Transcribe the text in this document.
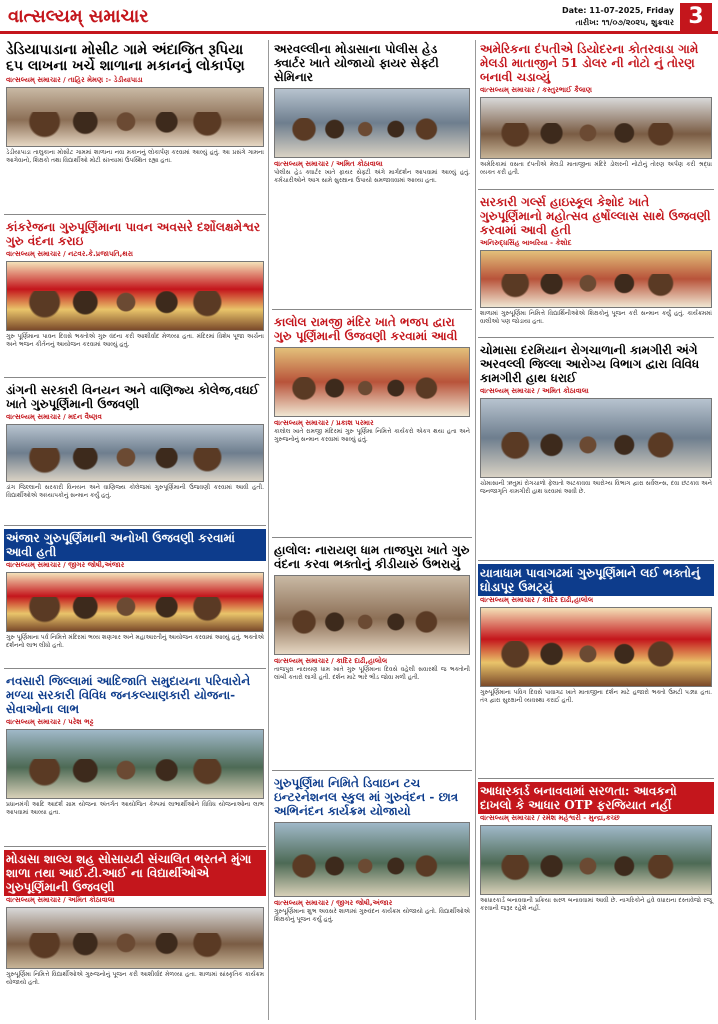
વાત્સલ્યમ્‌ સમાચાર	Date: 11-07-2025, Friday
તારીખ: ૧૧/૦૭/૨૦૨૫, શુક્રવાર 3
ડેડિયાપાડાના મોસીટ ગામે અંદાજિત રૂપિયા ૬૫ લાખના ખર્ચે શાળાના મકાનનું લોકાર્પણ
વાત્સલ્યમ્‌ સમાચાર / તાહિર મેમણ :- ડેડીયાપાડા
ડેડીયાપાડા તાલુકાના મોસીટ ગામમાં શાળાના નવા મકાનનું લોકાર્પણ કરવામાં આવ્યું હતું. આ પ્રસંગે ગામના આગેવાનો, શિક્ષકો તથા વિદ્યાર્થીઓ મોટી સંખ્યામાં ઉપસ્થિત રહ્યા હતા.
કાંકરેજના ગુરુપૂર્ણિમાના પાવન અવસરે દર્શોલક્ષમેશ્વર ગુરુ વંદના કરાઇ
વાત્સલ્યમ્‌ સમાચાર / નટવર.કે.પ્રજાપતિ,થરા
ગુરુ પૂર્ણિમાના પાવન દિવસે ભક્તોએ ગુરુ વંદના કરી આશીર્વાદ મેળવ્યા હતા. મંદિરમાં વિશેષ પૂજા અર્ચના અને ભજન કીર્તનનું આયોજન કરવામાં આવ્યું હતું.
ડાંગની સરકારી વિનયન અને વાણિજ્ય કોલેજ,વઘઈ ખાતે ગુરુપૂર્ણિમાની ઉજવણી
વાત્સલ્યમ્‌ સમાચાર / મદન વૈષ્ણવ
ડાંગ જિલ્લાની સરકારી વિનયન અને વાણિજ્ય કોલેજમાં ગુરુપૂર્ણિમાની ઉજવણી કરવામાં આવી હતી. વિદ્યાર્થીઓએ અધ્યાપકોનું સન્માન કર્યું હતું.
અંજાર ગુરુપૂર્ણિમાની અનોખી ઉજવણી કરવામાં આવી હતી
વાત્સલ્યમ્‌ સમાચાર / જીગર જોષી,અંજાર
ગુરુ પૂર્ણિમાના પર્વ નિમિત્તે મંદિરમાં ભવ્ય શણગાર અને મહાઆરતીનું આયોજન કરવામાં આવ્યું હતું. ભક્તોએ દર્શનનો લાભ લીધો હતો.
નવસારી જિલ્લામાં આદિજાતિ સમુદાયના પરિવારોને મળ્યા સરકારી વિવિધ જનકલ્યાણકારી યોજના-સેવાઓના લાભ
વાત્સલ્યમ્‌ સમાચાર / પરેશ ભટ્ટ
પ્રધાનમંત્રી આદિ આદર્શ ગ્રામ યોજના અંતર્ગત આયોજિત કેમ્પમાં લાભાર્થીઓને વિવિધ યોજનાઓના લાભ આપવામાં આવ્યા હતા.
મોડાસા શાલ્ય શહ સોસાયટી સંચાલિત ભરતને મુંગા શાળા તથા આઈ.ટી.આઈ ના વિદ્યાર્થીઓએ ગુરુપૂર્ણિમાની ઉજવણી
વાત્સલ્યમ્‌ સમાચાર / અમિત કોઠાવાલા
ગુરુપૂર્ણિમા નિમિત્તે વિદ્યાર્થીઓએ ગુરુજનોનું પૂજન કરી આશીર્વાદ મેળવ્યા હતા. શાળામાં સાંસ્કૃતિક કાર્યક્રમ યોજાયો હતો.
અરવલ્લીના મોડાસાના પોલીસ હેડ ક્વાર્ટર ખાતે યોજાયો ફાયર સેફ્ટી સેમિનાર
વાત્સલ્યમ્‌ સમાચાર / અમિત કોઠાવાલા
પોલીસ હેડ ક્વાર્ટર ખાતે ફાયર સેફ્ટી અંગે માર્ગદર્શન આપવામાં આવ્યું હતું. કર્મચારીઓને આગ સામે સુરક્ષાના ઉપાયો સમજાવવામાં આવ્યા હતા.
કાલોલ રામજી મંદિર ખાતે ભજપ દ્વારા ગુરુ પૂર્ણિમાની ઉજવણી કરવામાં આવી
વાત્સલ્યમ્‌ સમાચાર / પ્રકાશ પરમાર
કાલોલ ખાતે રામજી મંદિરમાં ગુરુ પૂર્ણિમા નિમિત્તે કાર્યકરો એકત્ર થયા હતા અને ગુરુજનોનું સન્માન કરવામાં આવ્યું હતું.
હાલોલ: નારાયણ ધામ તાજપુરા ખાતે ગુરુ વંદના કરવા ભક્તોનું કીડીયારું ઉભરાયું
વાત્સલ્યમ્‌ સમાચાર / કાદિર દાઢી,હાલોલ
તાજપુરા નારાયણ ધામ ખાતે ગુરુ પૂર્ણિમાના દિવસે વહેલી સવારથી જ ભક્તોની લાંબી કતારો લાગી હતી. દર્શન માટે ભારે ભીડ જોવા મળી હતી.
ગુરુપૂર્ણિમા નિમિતે ડિવાઇન ટચ ઇન્ટરનેશનલ સ્કુલ માં ગુરુવંદન - છાત્ર અભિનંદન કાર્યક્રમ યોજાયો
વાત્સલ્યમ્‌ સમાચાર / જીગર જોષી,અંજાર
ગુરુપૂર્ણિમાના શુભ અવસરે શાળામાં ગુરુવંદન કાર્યક્રમ યોજાયો હતો. વિદ્યાર્થીઓએ શિક્ષકોનું પૂજન કર્યું હતું.
અમેરિકના દંપતીએ ડિયોદરના કોતરવાડા ગામે મેલડી માતાજીને 51 ડોલર ની નોટો નું તોરણ બનાવી ચડાવ્યું
વાત્સલ્યમ્‌ સમાચાર / કસ્તુરભાઈ કૈલાણ
અમેરિકામાં વસતા દંપતીએ મેલડી માતાજીના મંદિરે ડોલરની નોટોનું તોરણ અર્પણ કરી શ્રદ્ધા વ્યક્ત કરી હતી.
સરકારી ગર્લ્સ હાઇસ્કૂલ કેશોદ ખાતે ગુરુપૂર્ણિમાનો મહોત્સવ હર્ષોલ્લાસ સાથે ઉજવણી કરવામાં આવી હતી
અનિરુદ્ધસિંહ બાબરિયા - કેશોદ
શાળામાં ગુરુપૂર્ણિમા નિમિત્તે વિદ્યાર્થિનીઓએ શિક્ષકોનું પૂજન કરી સન્માન કર્યું હતું. કાર્યક્રમમાં વાલીઓ પણ જોડાયા હતા.
ચોમાસા દરમિયાન રોગચાળાની કામગીરી અંગે અરવલ્લી જિલ્લા આરોગ્ય વિભાગ દ્વારા વિવિધ કામગીરી હાથ ધરાઈ
વાત્સલ્યમ્‌ સમાચાર / અમિત કોઠાવાલા
ચોમાસાની ઋતુમાં રોગચાળો ફેલાતો અટકાવવા આરોગ્ય વિભાગ દ્વારા સર્વેલન્સ, દવા છંટકાવ અને જનજાગૃતિ કામગીરી હાથ ધરવામાં આવી છે.
યાત્રાધામ પાવાગઢમાં ગુરુપૂર્ણિમાને લઈ ભક્તોનું ઘોડાપૂર ઉમટ્યું
વાત્સલ્યમ્‌ સમાચાર / કાદિર દાઢી,હાલોલ
ગુરુપૂર્ણિમાના પવિત્ર દિવસે પાવાગઢ ખાતે માતાજીના દર્શન માટે હજારો ભક્તો ઉમટી પડ્યા હતા. તંત્ર દ્વારા સુરક્ષાની વ્યવસ્થા કરાઈ હતી.
આધારકાર્ડ બનાવવામાં સરળતા: આવકનો દાખલો કે આધાર OTP ફરજિયાત નહીં
વાત્સલ્યમ્‌ સમાચાર / રમેશ મહેશ્વરી - મુન્દ્રા,કચ્છ
આધારકાર્ડ બનાવવાની પ્રક્રિયા સરળ બનાવવામાં આવી છે. નાગરિકોને હવે વધારાના દસ્તાવેજો રજૂ કરવાની જરૂર રહેશે નહીં.
